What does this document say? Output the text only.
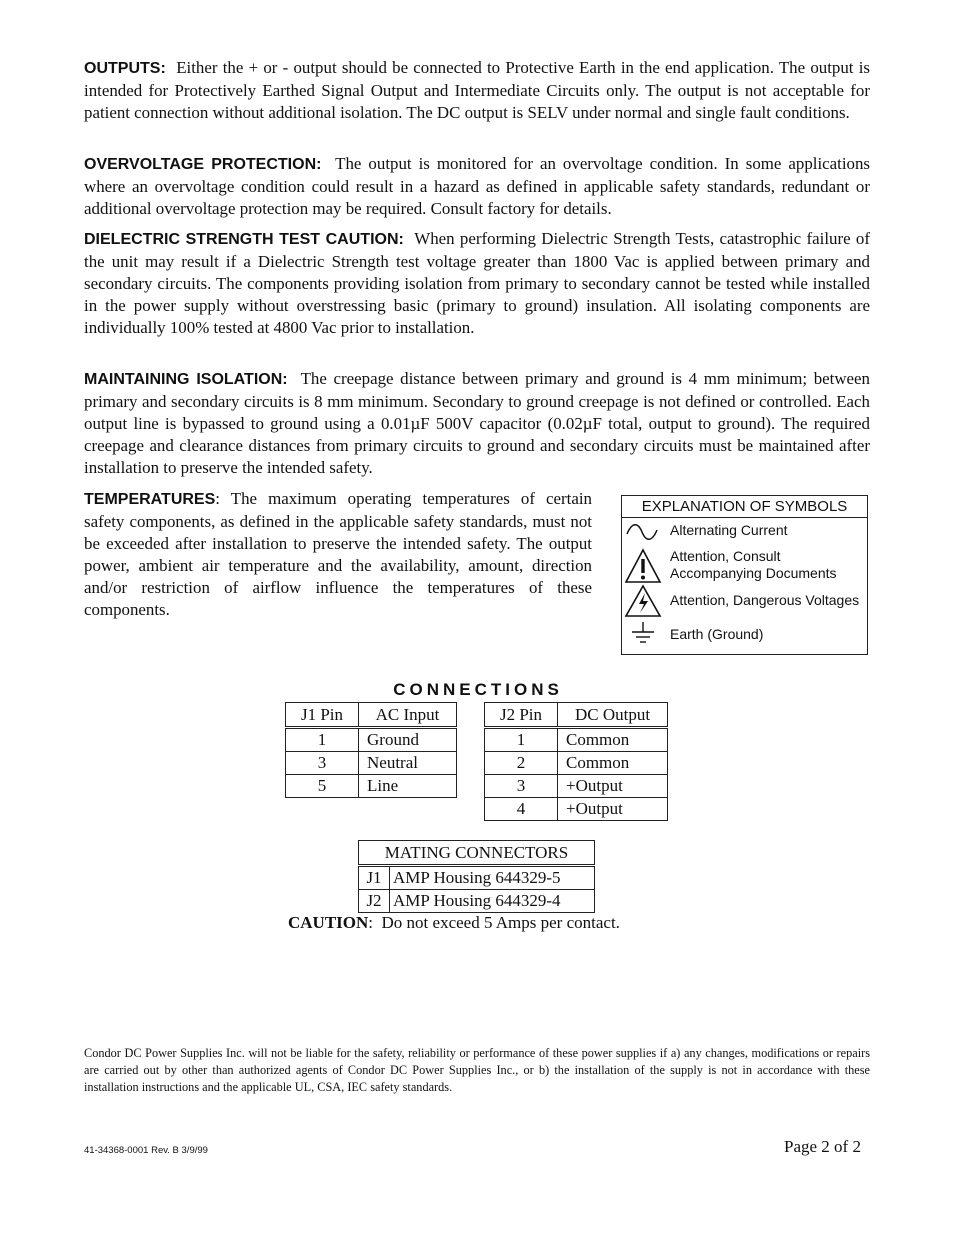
OUTPUTS: Either the + or - output should be connected to Protective Earth in the end application. The output is intended for Protectively Earthed Signal Output and Intermediate Circuits only. The output is not acceptable for patient connection without additional isolation. The DC output is SELV under normal and single fault conditions.
OVERVOLTAGE PROTECTION: The output is monitored for an overvoltage condition. In some applications where an overvoltage condition could result in a hazard as defined in applicable safety standards, redundant or additional overvoltage protection may be required. Consult factory for details.
DIELECTRIC STRENGTH TEST CAUTION: When performing Dielectric Strength Tests, catastrophic failure of the unit may result if a Dielectric Strength test voltage greater than 1800 Vac is applied between primary and secondary circuits. The components providing isolation from primary to secondary cannot be tested while installed in the power supply without overstressing basic (primary to ground) insulation. All isolating components are individually 100% tested at 4800 Vac prior to installation.
MAINTAINING ISOLATION: The creepage distance between primary and ground is 4 mm minimum; between primary and secondary circuits is 8 mm minimum. Secondary to ground creepage is not defined or controlled. Each output line is bypassed to ground using a 0.01µF 500V capacitor (0.02µF total, output to ground). The required creepage and clearance distances from primary circuits to ground and secondary circuits must be maintained after installation to preserve the intended safety.
TEMPERATURES: The maximum operating temperatures of certain safety components, as defined in the applicable safety standards, must not be exceeded after installation to preserve the intended safety. The output power, ambient air temperature and the availability, amount, direction and/or restriction of airflow influence the temperatures of these components.
EXPLANATION OF SYMBOLS
Alternating Current
Attention, Consult
Accompanying Documents
Attention, Dangerous Voltages
Earth (Ground)
CONNECTIONS
J1 Pin	AC Input
1	Ground
3	Neutral
5	Line
J2 Pin	DC Output
1	Common
2	Common
3	+Output
4	+Output
MATING CONNECTORS	
J1	AMP Housing 644329-5
J2	AMP Housing 644329-4
CAUTION:  Do not exceed 5 Amps per contact.
Condor DC Power Supplies Inc. will not be liable for the safety, reliability or performance of these power supplies if a) any changes, modifications or repairs are carried out by other than authorized agents of Condor DC Power Supplies Inc., or b) the installation of the supply is not in accordance with these installation instructions and the applicable UL, CSA, IEC safety standards.
41-34368-0001 Rev. B 3/9/99	Page 2 of 2
